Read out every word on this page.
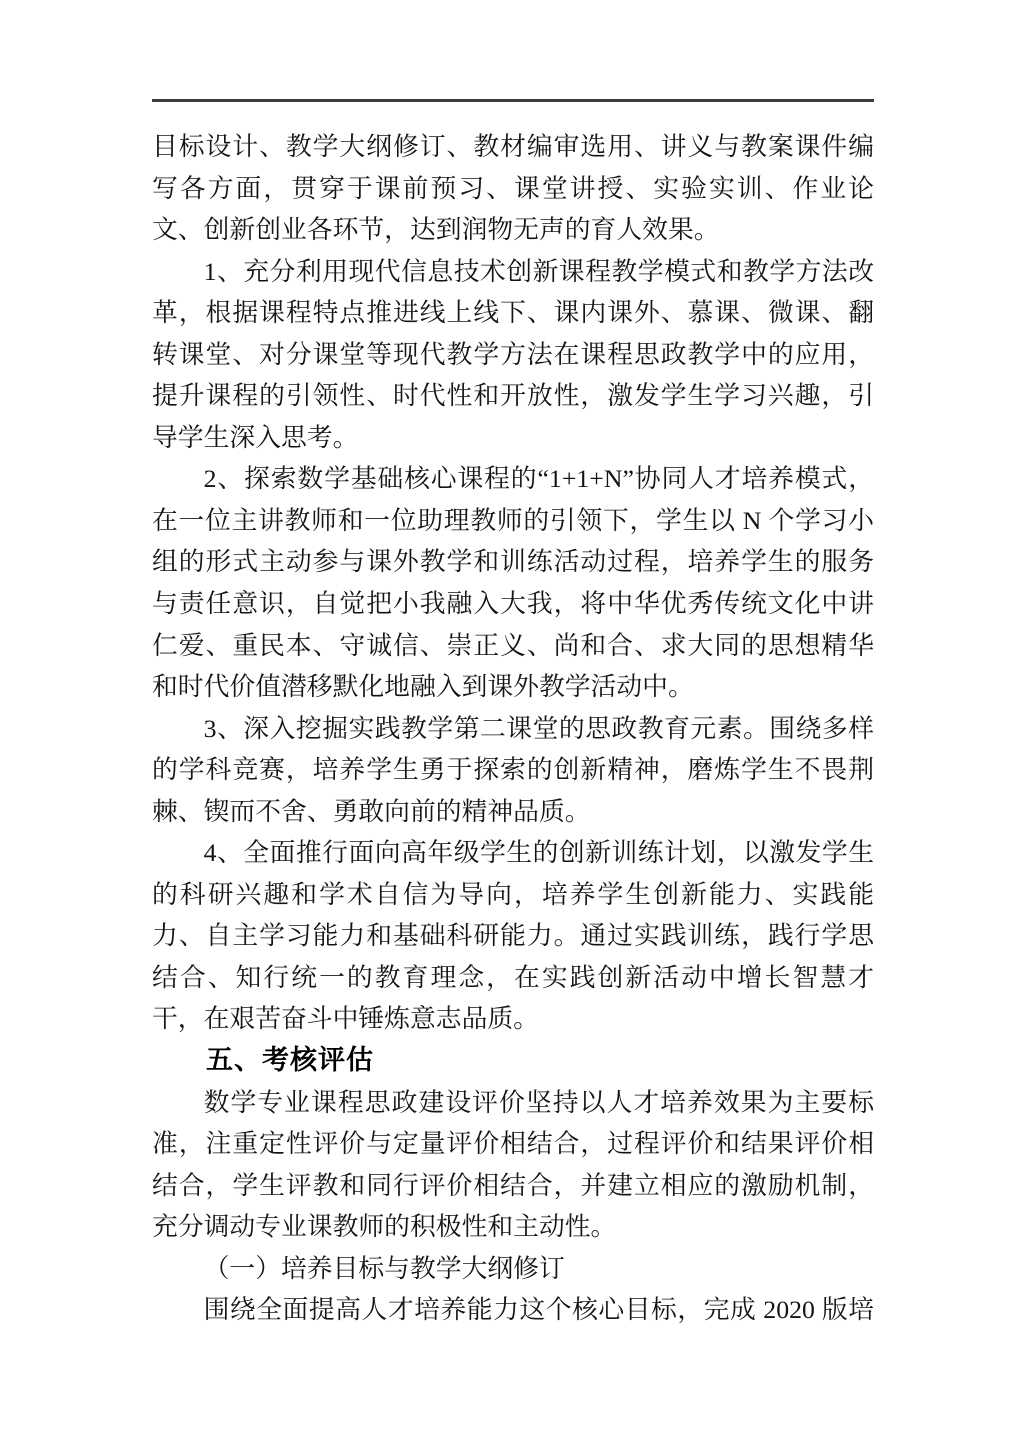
目标设计、教学大纲修订、教材编审选用、讲义与教案课件编写各方面，贯穿于课前预习、课堂讲授、实验实训、作业论文、创新创业各环节，达到润物无声的育人效果。

1、充分利用现代信息技术创新课程教学模式和教学方法改革，根据课程特点推进线上线下、课内课外、慕课、微课、翻转课堂、对分课堂等现代教学方法在课程思政教学中的应用，提升课程的引领性、时代性和开放性，激发学生学习兴趣，引导学生深入思考。

2、探索数学基础核心课程的“1+1+N”协同人才培养模式，在一位主讲教师和一位助理教师的引领下，学生以 N 个学习小组的形式主动参与课外教学和训练活动过程，培养学生的服务与责任意识，自觉把小我融入大我，将中华优秀传统文化中讲仁爱、重民本、守诚信、崇正义、尚和合、求大同的思想精华和时代价值潜移默化地融入到课外教学活动中。

3、深入挖掘实践教学第二课堂的思政教育元素。围绕多样的学科竞赛，培养学生勇于探索的创新精神，磨炼学生不畏荆棘、锲而不舍、勇敢向前的精神品质。

4、全面推行面向高年级学生的创新训练计划，以激发学生的科研兴趣和学术自信为导向，培养学生创新能力、实践能力、自主学习能力和基础科研能力。通过实践训练，践行学思结合、知行统一的教育理念，在实践创新活动中增长智慧才干，在艰苦奋斗中锤炼意志品质。

五、考核评估

数学专业课程思政建设评价坚持以人才培养效果为主要标准，注重定性评价与定量评价相结合，过程评价和结果评价相结合，学生评教和同行评价相结合，并建立相应的激励机制，充分调动专业课教师的积极性和主动性。

（一）培养目标与教学大纲修订

围绕全面提高人才培养能力这个核心目标，完成 2020 版培
